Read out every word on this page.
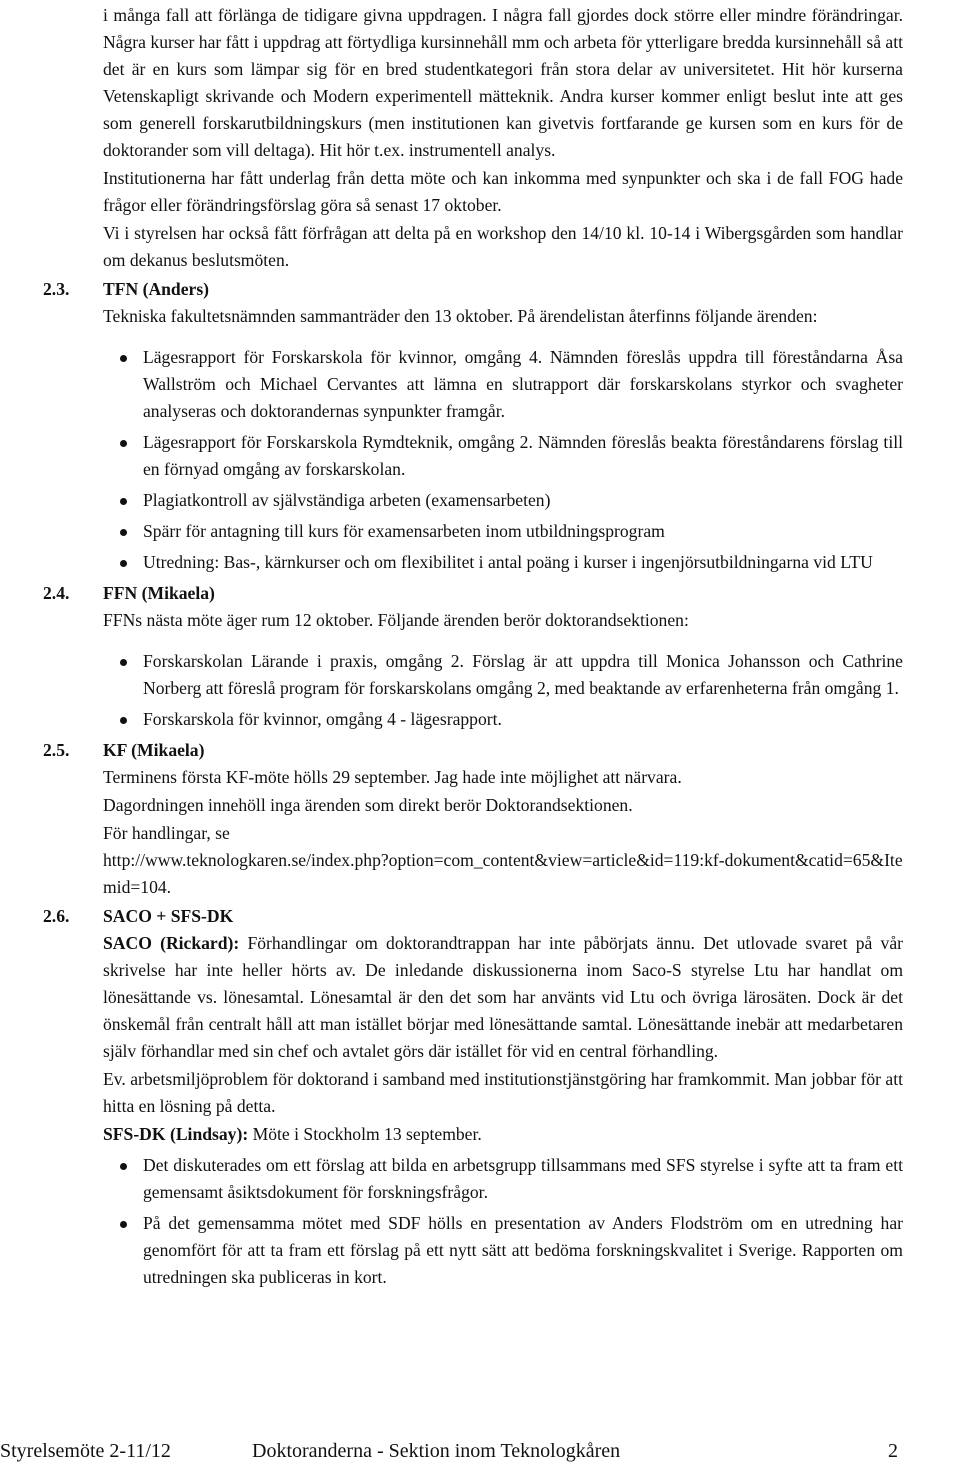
i många fall att förlänga de tidigare givna uppdragen. I några fall gjordes dock större eller mindre förändringar. Några kurser har fått i uppdrag att förtydliga kursinnehåll mm och arbeta för ytterligare bredda kursinnehåll så att det är en kurs som lämpar sig för en bred studentkategori från stora delar av universitetet. Hit hör kurserna Vetenskapligt skrivande och Modern experimentell mätteknik. Andra kurser kommer enligt beslut inte att ges som generell forskarutbildningskurs (men institutionen kan givetvis fortfarande ge kursen som en kurs för de doktorander som vill deltaga). Hit hör t.ex. instrumentell analys.

Institutionerna har fått underlag från detta möte och kan inkomma med synpunkter och ska i de fall FOG hade frågor eller förändringsförslag göra så senast 17 oktober.

Vi i styrelsen har också fått förfrågan att delta på en workshop den 14/10 kl. 10-14 i Wibergsgården som handlar om dekanus beslutsmöten.

2.3.	TFN (Anders)

Tekniska fakultetsnämnden sammanträder den 13 oktober. På ärendelistan återfinns följande ärenden:

Lägesrapport för Forskarskola för kvinnor, omgång 4. Nämnden föreslås uppdra till föreståndarna Åsa Wallström och Michael Cervantes att lämna en slutrapport där forskarskolans styrkor och svagheter analyseras och doktorandernas synpunkter framgår.
Lägesrapport för Forskarskola Rymdteknik, omgång 2. Nämnden föreslås beakta föreståndarens förslag till en förnyad omgång av forskarskolan.
Plagiatkontroll av självständiga arbeten (examensarbeten)
Spärr för antagning till kurs för examensarbeten inom utbildningsprogram
Utredning: Bas-, kärnkurser och om flexibilitet i antal poäng i kurser i ingenjörsutbildningarna vid LTU
2.4.	FFN (Mikaela)

FFNs nästa möte äger rum 12 oktober. Följande ärenden berör doktorandsektionen:

Forskarskolan Lärande i praxis, omgång 2. Förslag är att uppdra till Monica Johansson och Cathrine Norberg att föreslå program för forskarskolans omgång 2, med beaktande av erfarenheterna från omgång 1.
Forskarskola för kvinnor, omgång 4 - lägesrapport.
2.5.	KF (Mikaela)

Terminens första KF-möte hölls 29 september. Jag hade inte möjlighet att närvara.

Dagordningen innehöll inga ärenden som direkt berör Doktorandsektionen.

För handlingar, se

http://www.teknologkaren.se/index.php?option=com_content&view=article&id=119:kf-dokument&catid=65&Itemid=104.

2.6.	SACO + SFS-DK

SACO (Rickard): Förhandlingar om doktorandtrappan har inte påbörjats ännu. Det utlovade svaret på vår skrivelse har inte heller hörts av. De inledande diskussionerna inom Saco-S styrelse Ltu har handlat om lönesättande vs. lönesamtal. Lönesamtal är den det som har använts vid Ltu och övriga lärosäten. Dock är det önskemål från centralt håll att man istället börjar med lönesättande samtal. Lönesättande inebär att medarbetaren själv förhandlar med sin chef och avtalet görs där istället för vid en central förhandling.

Ev. arbetsmiljöproblem för doktorand i samband med institutionstjänstgöring har framkommit. Man jobbar för att hitta en lösning på detta.

SFS-DK (Lindsay): Möte i Stockholm 13 september.

Det diskuterades om ett förslag att bilda en arbetsgrupp tillsammans med SFS styrelse i syfte att ta fram ett gemensamt åsiktsdokument för forskningsfrågor.
På det gemensamma mötet med SDF hölls en presentation av Anders Flodström om en utredning har genomfört för att ta fram ett förslag på ett nytt sätt att bedöma forskningskvalitet i Sverige. Rapporten om utredningen ska publiceras in kort.
Styrelsemöte 2-11/12	Doktoranderna - Sektion inom Teknologkåren	2
